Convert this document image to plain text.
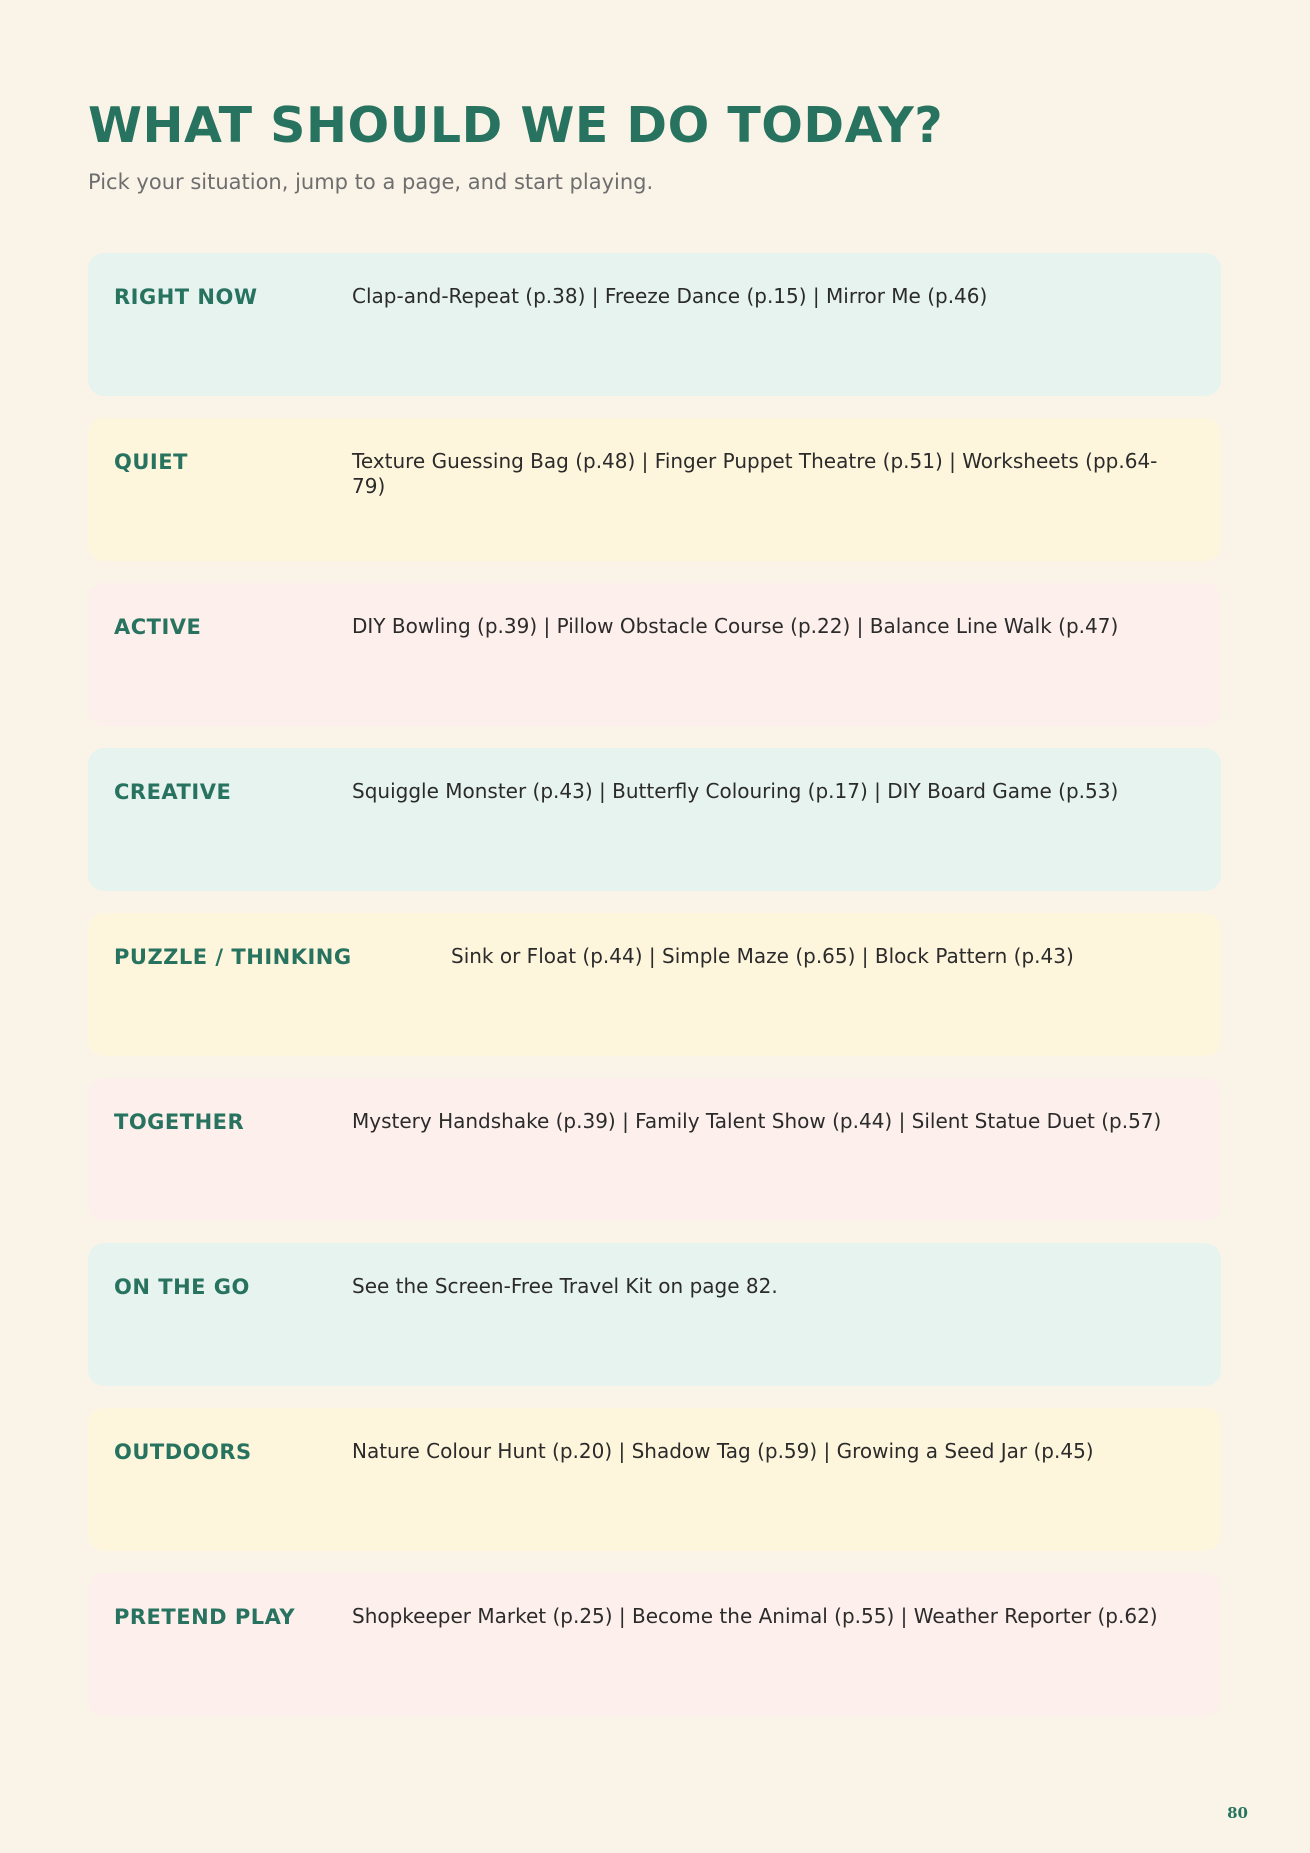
WHAT SHOULD WE DO TODAY?

Pick your situation, jump to a page, and start playing.

RIGHT NOW	Clap-and-Repeat (p.38) | Freeze Dance (p.15) | Mirror Me (p.46)
QUIET	Texture Guessing Bag (p.48) | Finger Puppet Theatre (p.51) | Worksheets (pp.64-79)
ACTIVE	DIY Bowling (p.39) | Pillow Obstacle Course (p.22) | Balance Line Walk (p.47)
CREATIVE	Squiggle Monster (p.43) | Butterfly Colouring (p.17) | DIY Board Game (p.53)
PUZZLE / THINKING	Sink or Float (p.44) | Simple Maze (p.65) | Block Pattern (p.43)
TOGETHER	Mystery Handshake (p.39) | Family Talent Show (p.44) | Silent Statue Duet (p.57)
ON THE GO	See the Screen-Free Travel Kit on page 82.
OUTDOORS	Nature Colour Hunt (p.20) | Shadow Tag (p.59) | Growing a Seed Jar (p.45)
PRETEND PLAY	Shopkeeper Market (p.25) | Become the Animal (p.55) | Weather Reporter (p.62)
80
